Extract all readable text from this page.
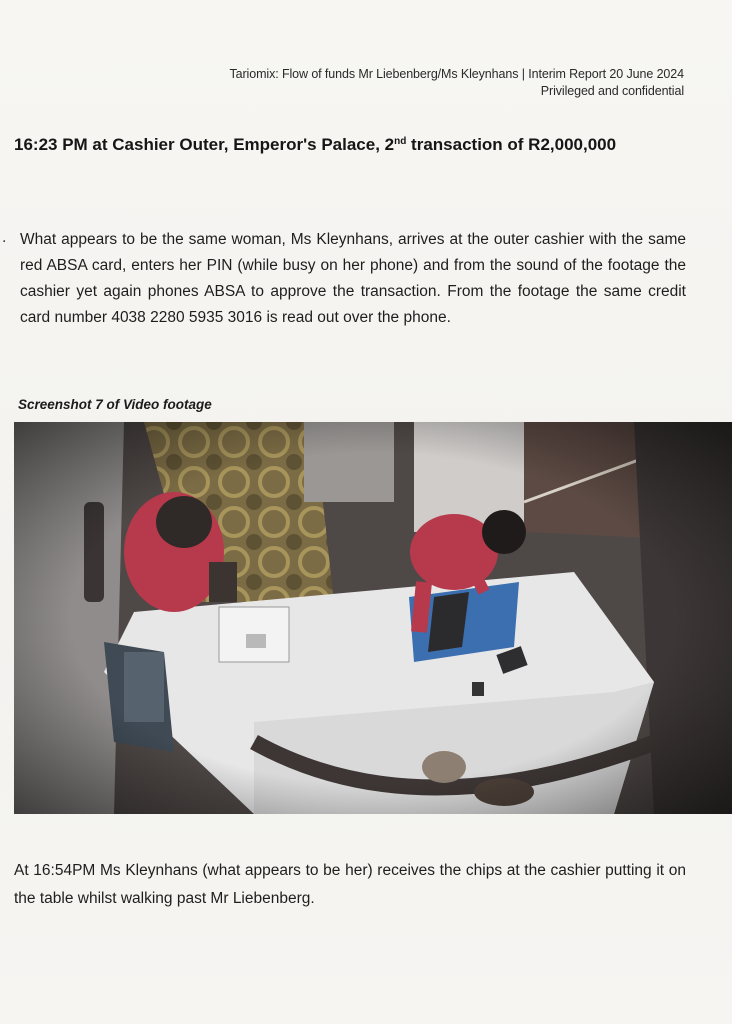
Tariomix: Flow of funds Mr Liebenberg/Ms Kleynhans | Interim Report 20 June 2024
Privileged and confidential
16:23 PM at Cashier Outer, Emperor's Palace, 2nd transaction of R2,000,000
. What appears to be the same woman, Ms Kleynhans, arrives at the outer cashier with the same red ABSA card, enters her PIN (while busy on her phone) and from the sound of the footage the cashier yet again phones ABSA to approve the transaction. From the footage the same credit card number 4038 2280 5935 3016 is read out over the phone.
Screenshot 7 of Video footage
At 16:54PM Ms Kleynhans (what appears to be her) receives the chips at the cashier putting it on the table whilst walking past Mr Liebenberg.
